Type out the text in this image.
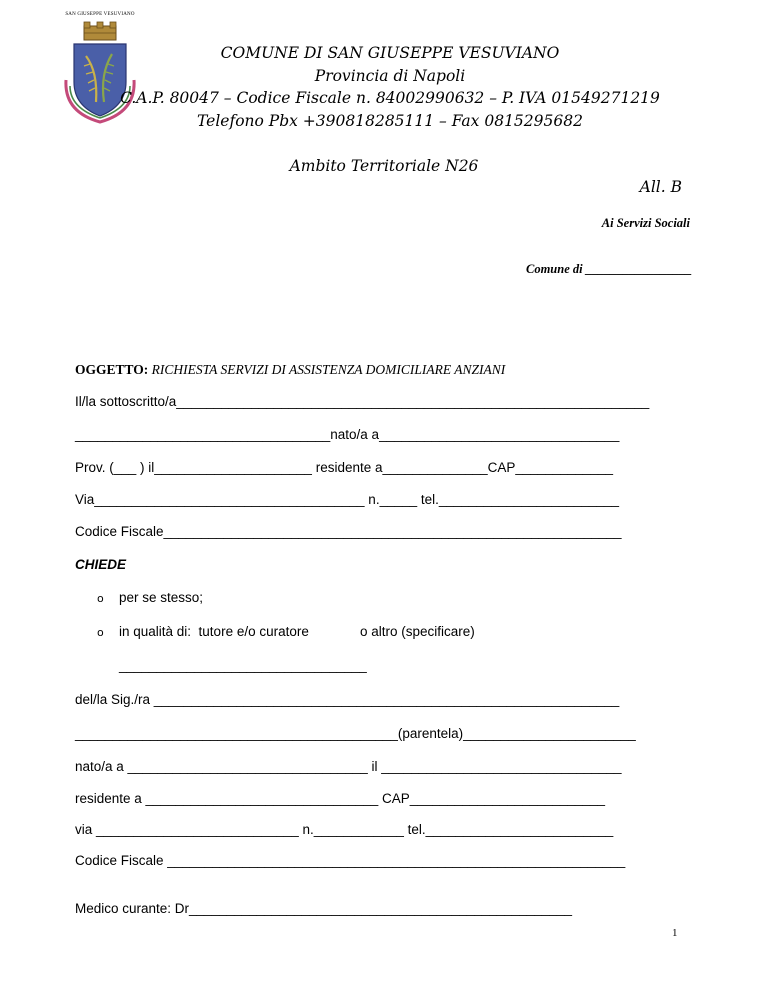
SAN GIUSEPPE VESUVIANO
COMUNE DI SAN GIUSEPPE VESUVIANO
Provincia di Napoli
C.A.P. 80047 – Codice Fiscale n. 84002990632 – P. IVA 01549271219
Telefono Pbx +390818285111 – Fax 0815295682
Ambito Territoriale N26
All. B
Ai Servizi Sociali
Comune di _________________
OGGETTO: RICHIESTA SERVIZI DI ASSISTENZA DOMICILIARE ANZIANI
Il/la sottoscritto/a_______________________________________________________________
__________________________________nato/a a________________________________
Prov. (___ ) il_____________________ residente a______________CAP_____________
Via____________________________________ n._____ tel.________________________
Codice Fiscale_____________________________________________________________
CHIEDE
o per se stesso;
o in qualità di:  tutore e/o curatore	o altro (specificare)
_________________________________
del/la Sig./ra ______________________________________________________________
___________________________________________(parentela)_______________________
nato/a a ________________________________ il ________________________________
residente a _______________________________ CAP__________________________
via ___________________________ n.____________ tel._________________________
Codice Fiscale _____________________________________________________________
Medico curante: Dr___________________________________________________
1
